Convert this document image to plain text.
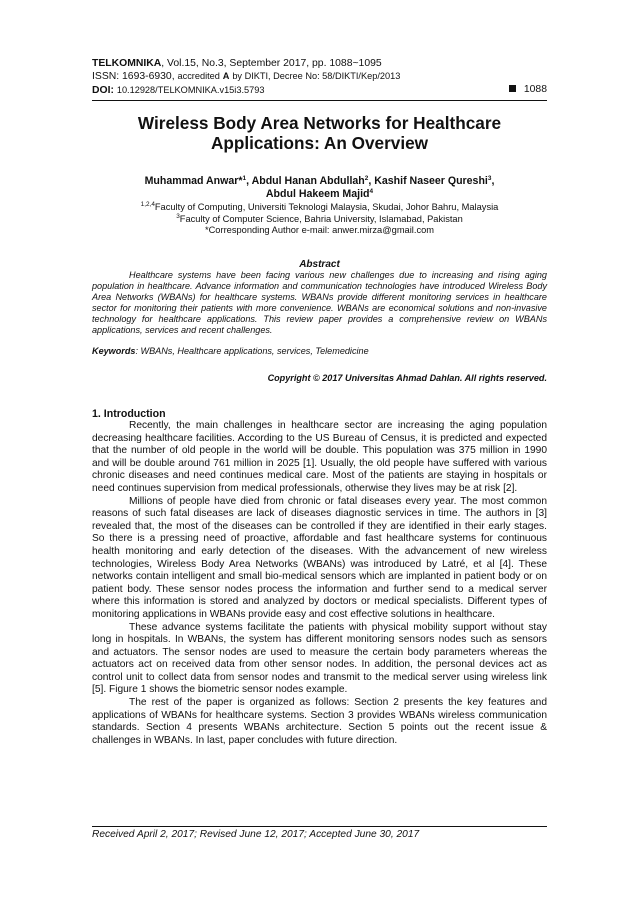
TELKOMNIKA, Vol.15, No.3, September 2017, pp. 1088~1095
ISSN: 1693-6930, accredited A by DIKTI, Decree No: 58/DIKTI/Kep/2013
DOI: 10.12928/TELKOMNIKA.v15i3.5793	1088
Wireless Body Area Networks for Healthcare
Applications: An Overview
Muhammad Anwar*$^1$, Abdul Hanan Abdullah$^2$, Kashif Naseer Qureshi$^3$,
Abdul Hakeem Majid$^4$
$^{1,2,4}$Faculty of Computing, Universiti Teknologi Malaysia, Skudai, Johor Bahru, Malaysia
$^3$Faculty of Computer Science, Bahria University, Islamabad, Pakistan
*Corresponding Author e-mail: anwer.mirza@gmail.com
Abstract

Healthcare systems have been facing various new challenges due to increasing and rising aging population in healthcare. Advance information and communication technologies have introduced Wireless Body Area Networks (WBANs) for healthcare systems. WBANs provide different monitoring services in healthcare sector for monitoring their patients with more convenience. WBANs are economical solutions and non-invasive technology for healthcare applications. This review paper provides a comprehensive review on WBANs applications, services and recent challenges.

Keywords: WBANs, Healthcare applications, services, Telemedicine
Copyright © 2017 Universitas Ahmad Dahlan. All rights reserved.
1. Introduction

Recently, the main challenges in healthcare sector are increasing the aging population decreasing healthcare facilities. According to the US Bureau of Census, it is predicted and expected that the number of old people in the world will be double. This population was 375 million in 1990 and will be double around 761 million in 2025 [1]. Usually, the old people have suffered with various chronic diseases and need continues medical care. Most of the patients are staying in hospitals or need continues supervision from medical professionals, otherwise they lives may be at risk [2].

Millions of people have died from chronic or fatal diseases every year. The most common reasons of such fatal diseases are lack of diseases diagnostic services in time. The authors in [3] revealed that, the most of the diseases can be controlled if they are identified in their early stages. So there is a pressing need of proactive, affordable and fast healthcare systems for continuous health monitoring and early detection of the diseases. With the advancement of new wireless technologies, Wireless Body Area Networks (WBANs) was introduced by Latré, et al [4]. These networks contain intelligent and small bio-medical sensors which are implanted in patient body or on patient body. These sensor nodes process the information and further send to a medical server where this information is stored and analyzed by doctors or medical specialists. Different types of monitoring applications in WBANs provide easy and cost effective solutions in healthcare.

These advance systems facilitate the patients with physical mobility support without stay long in hospitals. In WBANs, the system has different monitoring sensors nodes such as sensors and actuators. The sensor nodes are used to measure the certain body parameters whereas the actuators act on received data from other sensor nodes. In addition, the personal devices act as control unit to collect data from sensor nodes and transmit to the medical server using wireless link [5]. Figure 1 shows the biometric sensor nodes example.

The rest of the paper is organized as follows: Section 2 presents the key features and applications of WBANs for healthcare systems. Section 3 provides WBANs wireless communication standards. Section 4 presents WBANs architecture. Section 5 points out the recent issue & challenges in WBANs. In last, paper concludes with future direction.

Received April 2, 2017; Revised June 12, 2017; Accepted June 30, 2017
